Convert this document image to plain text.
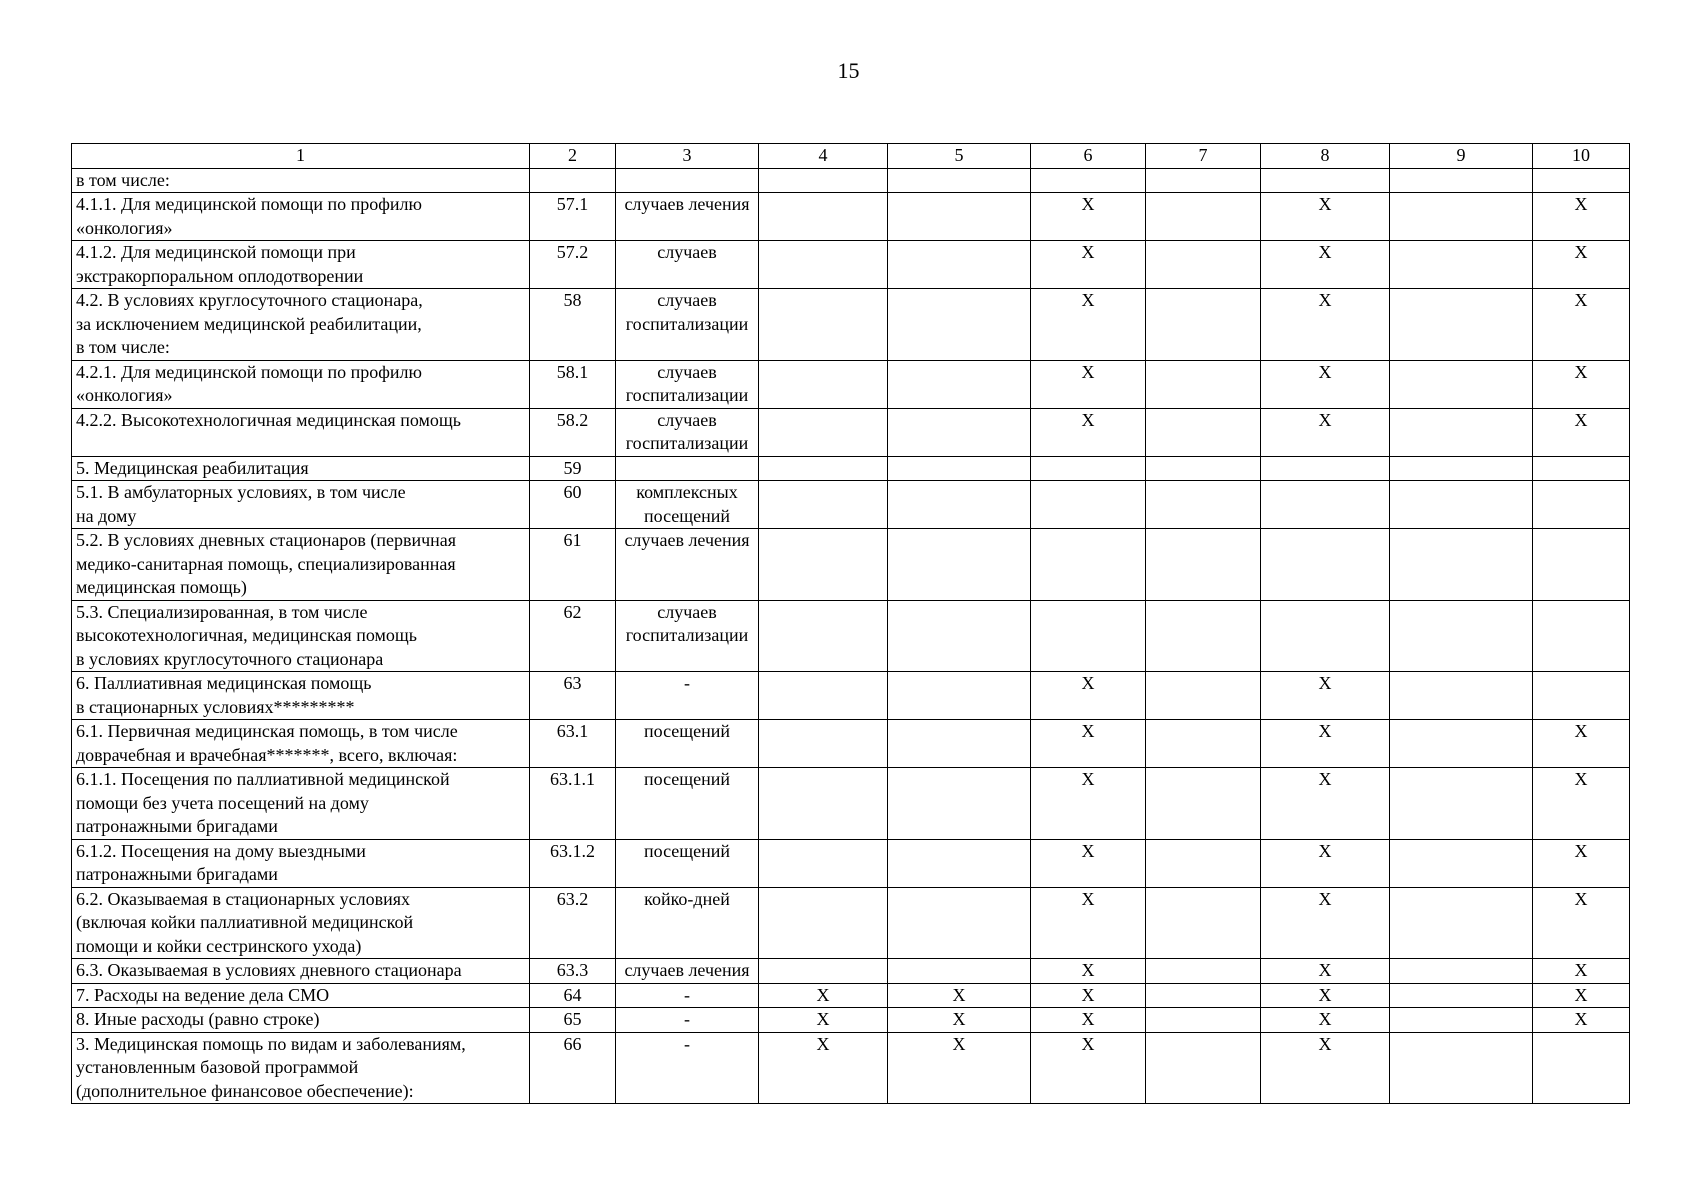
15
1	2	3	4	5	6	7	8	9	10
в том числе:									
4.1.1. Для медицинской помощи по профилю
«онкология»	57.1	случаев лечения			X		X		X
4.1.2. Для медицинской помощи при
экстракорпоральном оплодотворении	57.2	случаев			X		X		X
4.2. В условиях круглосуточного стационара,
за исключением медицинской реабилитации,
в том числе:	58	случаев госпитализации			X		X		X
4.2.1. Для медицинской помощи по профилю
«онкология»	58.1	случаев госпитализации			X		X		X
4.2.2. Высокотехнологичная медицинская помощь	58.2	случаев госпитализации			X		X		X
5. Медицинская реабилитация	59								
5.1. В амбулаторных условиях, в том числе
на дому	60	комплексных посещений							
5.2. В условиях дневных стационаров (первичная
медико-санитарная помощь, специализированная
медицинская помощь)	61	случаев лечения							
5.3. Специализированная, в том числе
высокотехнологичная, медицинская помощь
в условиях круглосуточного стационара	62	случаев госпитализации							
6. Паллиативная медицинская помощь
в стационарных условиях*********	63	-			X		X		
6.1. Первичная медицинская помощь, в том числе
доврачебная и врачебная*******, всего, включая:	63.1	посещений			X		X		X
6.1.1. Посещения по паллиативной медицинской
помощи без учета посещений на дому
патронажными бригадами	63.1.1	посещений			X		X		X
6.1.2. Посещения на дому выездными
патронажными бригадами	63.1.2	посещений			X		X		X
6.2. Оказываемая в стационарных условиях
(включая койки паллиативной медицинской
помощи и койки сестринского ухода)	63.2	койко-дней			X		X		X
6.3. Оказываемая в условиях дневного стационара	63.3	случаев лечения			X		X		X
7. Расходы на ведение дела СМО	64	-	X	X	X		X		X
8. Иные расходы (равно строке)	65	-	X	X	X		X		X
3. Медицинская помощь по видам и заболеваниям,
установленным базовой программой
(дополнительное финансовое обеспечение):	66	-	X	X	X		X		
